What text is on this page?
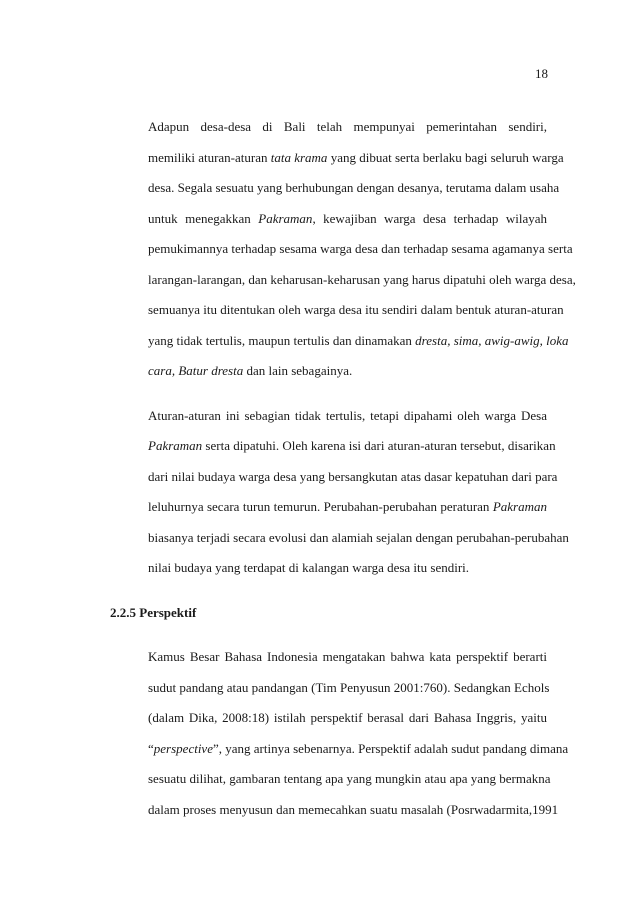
18

Adapun desa-desa di Bali telah mempunyai pemerintahan sendiri,
memiliki aturan-aturan tata krama yang dibuat serta berlaku bagi seluruh warga
desa. Segala sesuatu yang berhubungan dengan desanya, terutama dalam usaha
untuk menegakkan Pakraman, kewajiban warga desa terhadap wilayah
pemukimannya terhadap sesama warga desa dan terhadap sesama agamanya serta
larangan-larangan, dan keharusan-keharusan yang harus dipatuhi oleh warga desa,
semuanya itu ditentukan oleh warga desa itu sendiri dalam bentuk aturan-aturan
yang tidak tertulis, maupun tertulis dan dinamakan dresta, sima, awig-awig, loka
cara, Batur dresta dan lain sebagainya.

Aturan-aturan ini sebagian tidak tertulis, tetapi dipahami oleh warga Desa
Pakraman serta dipatuhi. Oleh karena isi dari aturan-aturan tersebut, disarikan
dari nilai budaya warga desa yang bersangkutan atas dasar kepatuhan dari para
leluhurnya secara turun temurun. Perubahan-perubahan peraturan Pakraman
biasanya terjadi secara evolusi dan alamiah sejalan dengan perubahan-perubahan
nilai budaya yang terdapat di kalangan warga desa itu sendiri.

2.2.5 Perspektif

Kamus Besar Bahasa Indonesia mengatakan bahwa kata perspektif berarti
sudut pandang atau pandangan (Tim Penyusun 2001:760). Sedangkan Echols
(dalam Dika, 2008:18) istilah perspektif berasal dari Bahasa Inggris, yaitu
“perspective”, yang artinya sebenarnya. Perspektif adalah sudut pandang dimana
sesuatu dilihat, gambaran tentang apa yang mungkin atau apa yang bermakna
dalam proses menyusun dan memecahkan suatu masalah (Posrwadarmita,1991
